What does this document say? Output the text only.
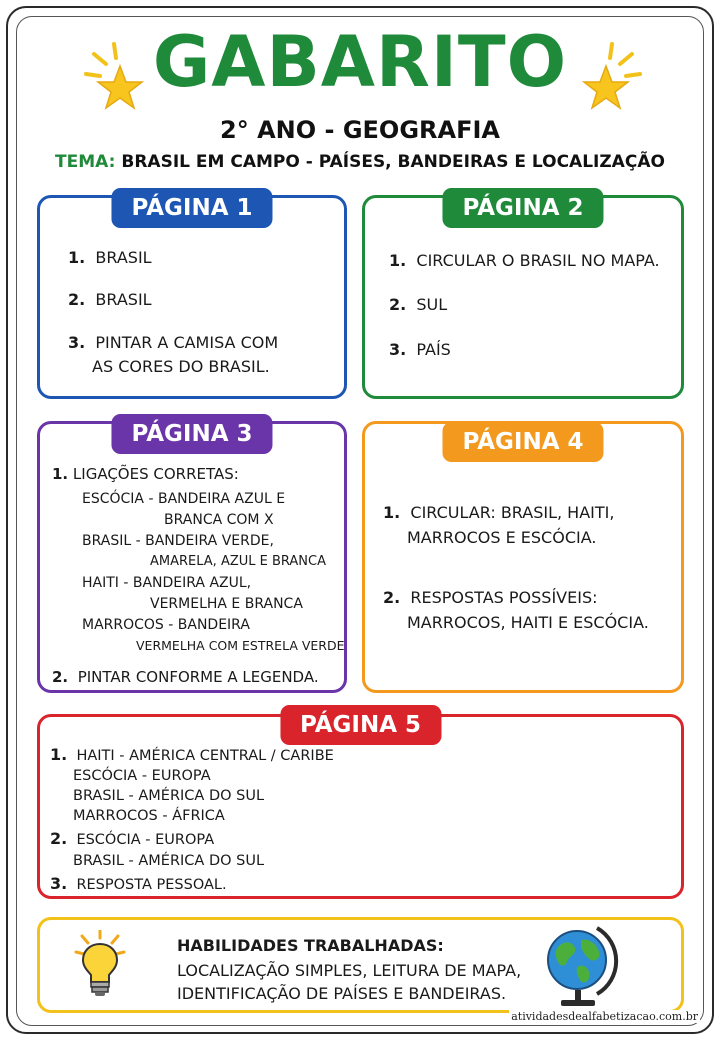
GABARITO
2° ANO - GEOGRAFIA
TEMA: BRASIL EM CAMPO - PAÍSES, BANDEIRAS E LOCALIZAÇÃO
PÁGINA 1
1. BRASIL
2. BRASIL
3. PINTAR A CAMISA COM
AS CORES DO BRASIL.
PÁGINA 2
1. CIRCULAR O BRASIL NO MAPA.
2. SUL
3. PAÍS
PÁGINA 3
1. LIGAÇÕES CORRETAS:
ESCÓCIA - BANDEIRA AZUL E
BRANCA COM X
BRASIL - BANDEIRA VERDE,
AMARELA, AZUL E BRANCA
HAITI - BANDEIRA AZUL,
VERMELHA E BRANCA
MARROCOS - BANDEIRA
VERMELHA COM ESTRELA VERDE
2. PINTAR CONFORME A LEGENDA.
PÁGINA 4
1. CIRCULAR: BRASIL, HAITI,
MARROCOS E ESCÓCIA.
2. RESPOSTAS POSSÍVEIS:
MARROCOS, HAITI E ESCÓCIA.
PÁGINA 5
1. HAITI - AMÉRICA CENTRAL / CARIBE
ESCÓCIA - EUROPA
BRASIL - AMÉRICA DO SUL
MARROCOS - ÁFRICA
2. ESCÓCIA - EUROPA
BRASIL - AMÉRICA DO SUL
3. RESPOSTA PESSOAL.
HABILIDADES TRABALHADAS:
LOCALIZAÇÃO SIMPLES, LEITURA DE MAPA,
IDENTIFICAÇÃO DE PAÍSES E BANDEIRAS.
atividadesdealfabetizacao.com.br
